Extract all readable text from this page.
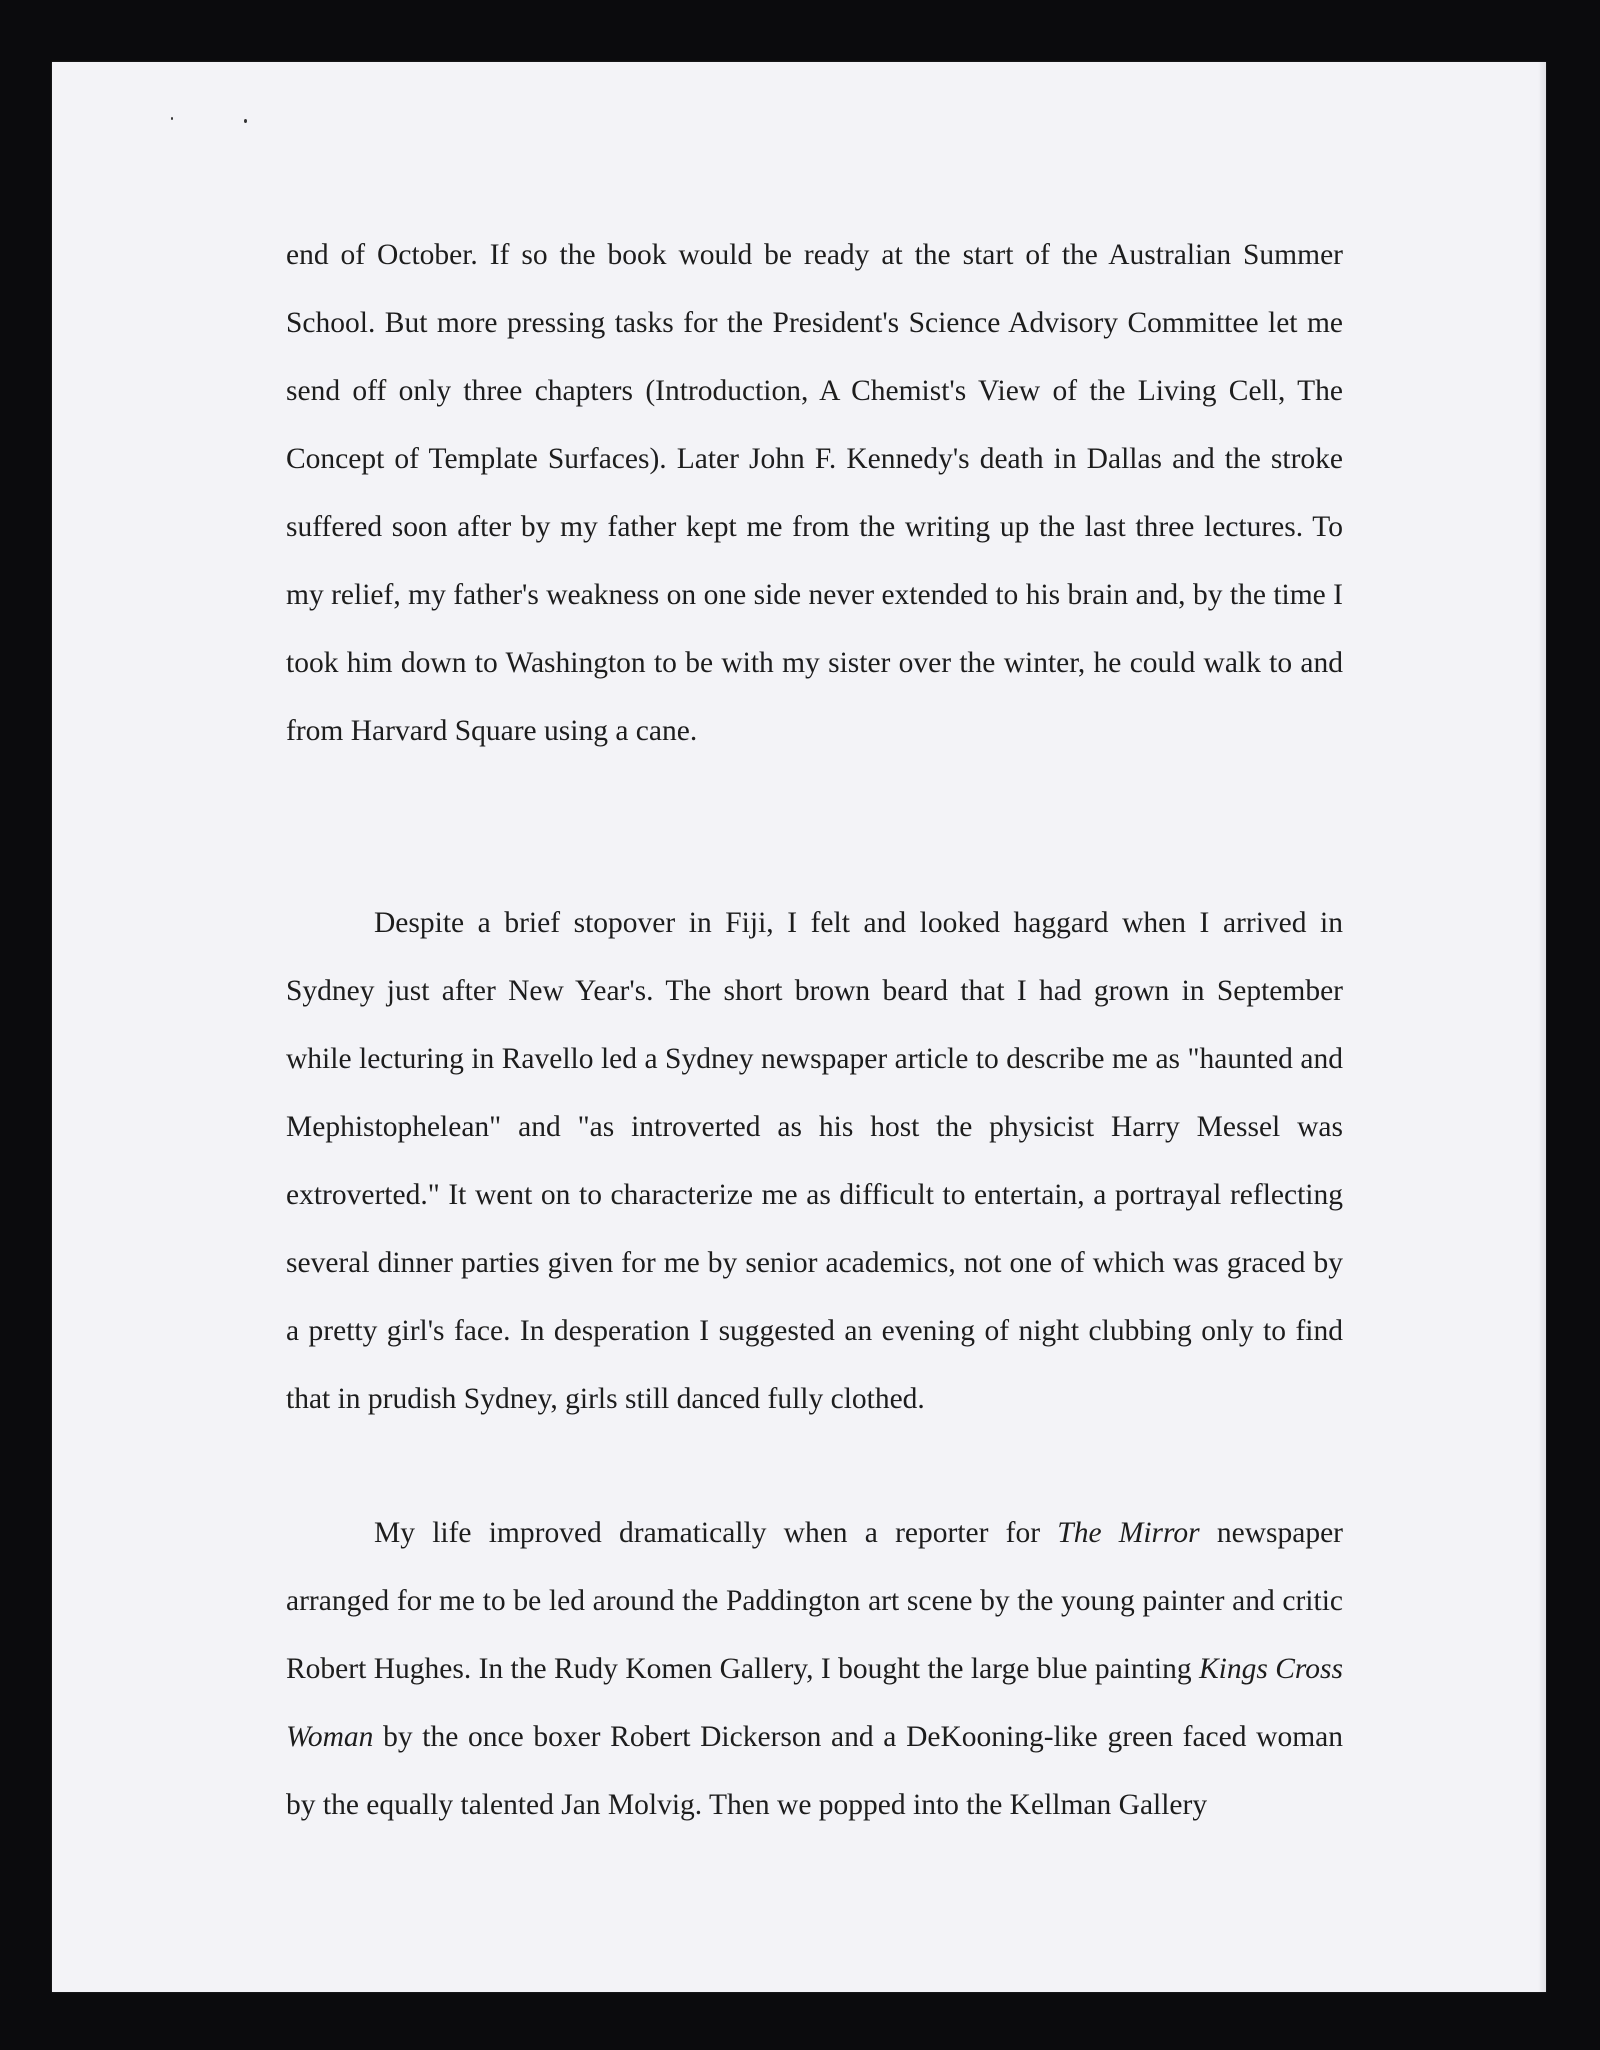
end of October. If so the book would be ready at the start of the Australian Summer School. But more pressing tasks for the President's Science Advisory Committee let me send off only three chapters (Introduction, A Chemist's View of the Living Cell, The Concept of Template Surfaces). Later John F. Kennedy's death in Dallas and the stroke suffered soon after by my father kept me from the writing up the last three lectures. To my relief, my father's weakness on one side never extended to his brain and, by the time I took him down to Washington to be with my sister over the winter, he could walk to and from Harvard Square using a cane.

Despite a brief stopover in Fiji, I felt and looked haggard when I arrived in Sydney just after New Year's. The short brown beard that I had grown in September while lecturing in Ravello led a Sydney newspaper article to describe me as "haunted and Mephistophelean" and "as introverted as his host the physicist Harry Messel was extroverted." It went on to characterize me as difficult to entertain, a portrayal reflecting several dinner parties given for me by senior academics, not one of which was graced by a pretty girl's face. In desperation I suggested an evening of night clubbing only to find that in prudish Sydney, girls still danced fully clothed.

My life improved dramatically when a reporter for The Mirror newspaper arranged for me to be led around the Paddington art scene by the young painter and critic Robert Hughes. In the Rudy Komen Gallery, I bought the large blue painting Kings Cross Woman by the once boxer Robert Dickerson and a DeKooning-like green faced woman by the equally talented Jan Molvig. Then we popped into the Kellman Gallery
